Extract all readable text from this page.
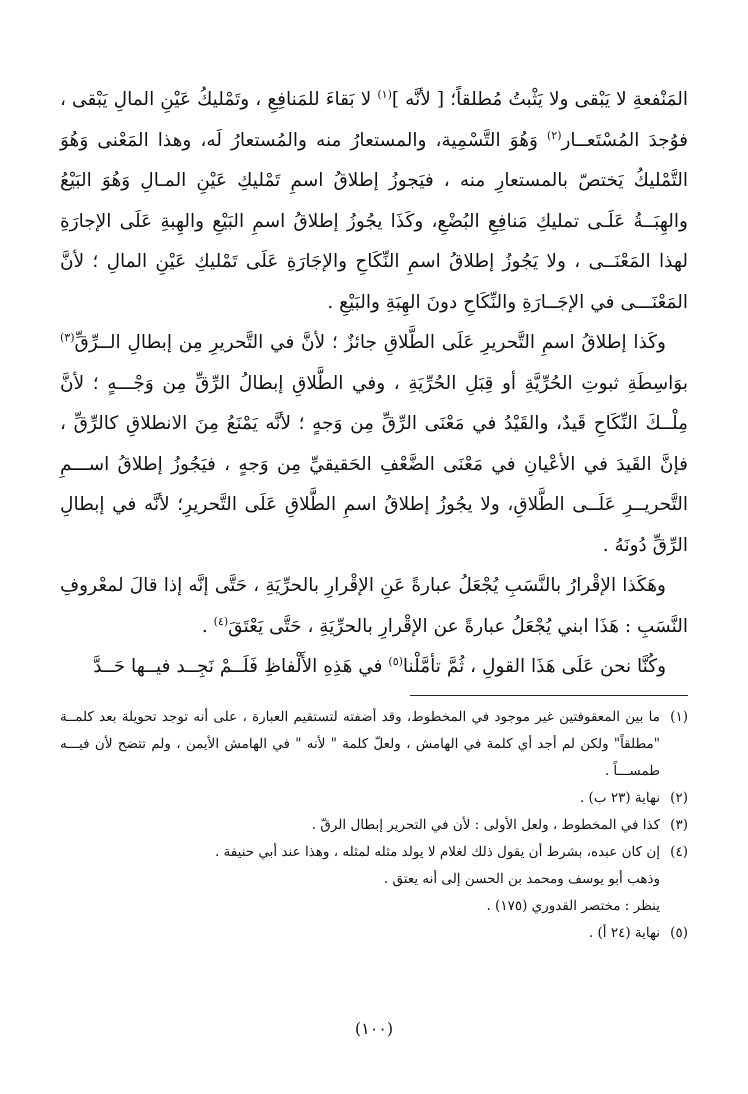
المَنْفعةِ لا يَبْقى ولا يَثْبتُ مُطلقاً؛ [ لأنَّه ]$^{(١)}$ لا بَقاءَ للمَنافِعِ ، وتَمْليكُ عَيْنِ المالِ يَبْقى ، فوُجدَ المُسْتَعــار$^{(٢)}$ وَهُوَ التَّسْمِية، والمستعارُ منه والمُستعارُ لَه، وهذا المَعْنى وَهُوَ التَّمْليكُ يَختصّ بالمستعارِ منه ، فيَجوزُ إطلاقُ اسمِ تَمْليكِ عَيْنِ المـالِ وَهُوَ البَيْعُ والهِبَــةُ عَلَـى تمليكِ مَنافِعِ البُضْعِ، وكَذَا يجُوزُ إطلاقُ اسمِ البَيْعِ والهِبةِ عَلَى الإجارَةِ لهذا المَعْنَــى ، ولا يَجُوزُ إطلاقُ اسمِ النِّكَاحِ والإجَارَةِ عَلَى تَمْليكِ عَيْنِ المالِ ؛ لأنَّ المَعْنَـــى في الإجَــارَةِ والنِّكَاحِ دونَ الهِبَةِ والبَيْعِ .

وكَذا إطلاقُ اسمِ التَّحريرِ عَلَى الطَّلاقِ جائزٌ ؛ لأنَّ في التَّحريرِ مِن إبطالِ الــرِّقِّ$^{(٣)}$ بوَاسِطَةِ ثبوتِ الحُرِّيَّةِ أو قِبَلِ الحُرِّيَةِ ، وفي الطَّلاقِ إبطالُ الرِّقِّ مِن وَجْـــهٍ ؛ لأنَّ مِلْــكَ النِّكَاحِ قَيدٌ، والقَيْدُ في مَعْنَى الرِّقِّ مِن وَجهٍ ؛ لأنَّه يَمْنَعُ مِنَ الانطلاقِ كالرِّقِّ ، فإنَّ القَيدَ في الأعْيانِ في مَعْنَى الضَّعْفِ الحَقيقيِّ مِن وَجهٍ ، فيَجُوزُ إطلاقُ اســـمِ التَّحريــرِ عَلَــى الطَّلاقِ، ولا يجُوزُ إطلاقُ اسمِ الطَّلاقِ عَلَى التَّحريرِ؛ لأنَّه في إبطالِ الرِّقِّ دُونَهُ .

وهَكَذا الإقْرارُ بالنَّسَبِ يُجْعَلُ عبارةً عَنِ الإقْرارِ بالحرِّيَةِ ، حَتَّى إنَّه إذا قالَ لمعْروفِ النَّسَبِ : هَذَا ابني يُجْعَلُ عبارةً عن الإقْرارِ بالحرِّيَةِ ، حَتَّى يَعْتَقَ$^{(٤)}$ .

وكُنَّا نحن عَلَى هَذَا القولِ ، ثُمَّ تأمَّلْنا$^{(٥)}$ في هَذِهِ الأَلْفاظِ فَلَــمْ نَجِــد فيــها حَــدَّ

(١)
ما بين المعقوفتين غير موجود في المخطوط، وقد أضفته لتستقيم العبارة ، على أنه توجد تحويلة بعد كلمــة "مطلقاً" ولكن لم أجد أي كلمة في الهامش ، ولعلّ كلمة " لأنه " في الهامش الأيمن ، ولم تتضح لأن فيـــه طمســـاً .
(٢)
نهاية (٢٣ ب) .
(٣)
كذا في المخطوط ، ولعل الأولى : لأن في التحرير إبطال الرقّ .
(٤)
إن كان عبده، بشرط أن يقول ذلك لغلام لا يولد مثله لمثله ، وهذا عند أبي حنيفة .
وذهب أبو يوسف ومحمد بن الحسن إلى أنه يعتق .
ينظر : مختصر القدوري (١٧٥) .
(٥)
نهاية (٢٤ أ) .
(١٠٠)
